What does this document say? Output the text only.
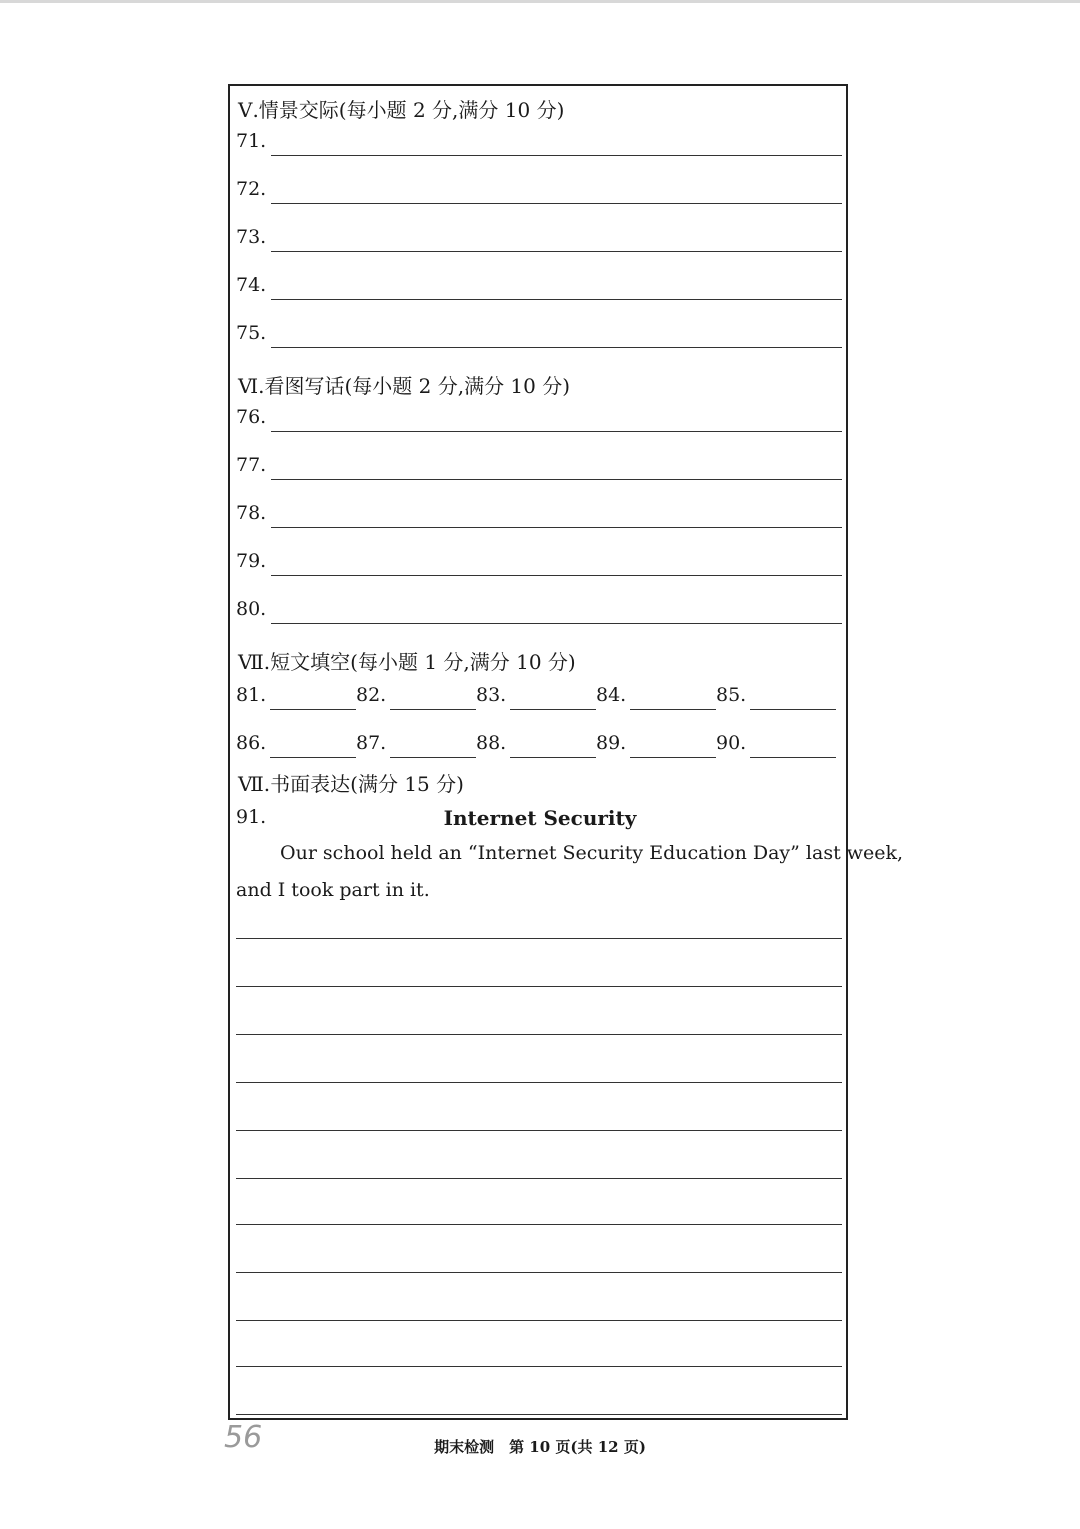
Ⅴ.情景交际(每小题 2 分,满分 10 分)
71.
72.
73.
74.
75.
Ⅵ.看图写话(每小题 2 分,满分 10 分)
76.
77.
78.
79.
80.
Ⅶ.短文填空(每小题 1 分,满分 10 分)
81.	82.	83.	84.	85.
86.	87.	88.	89.	90.
Ⅶ.书面表达(满分 15 分)
91.	Internet Security
Our school held an “Internet Security Education Day” last week,
and I took part in it.
56	期末检测　第 10 页(共 12 页)
